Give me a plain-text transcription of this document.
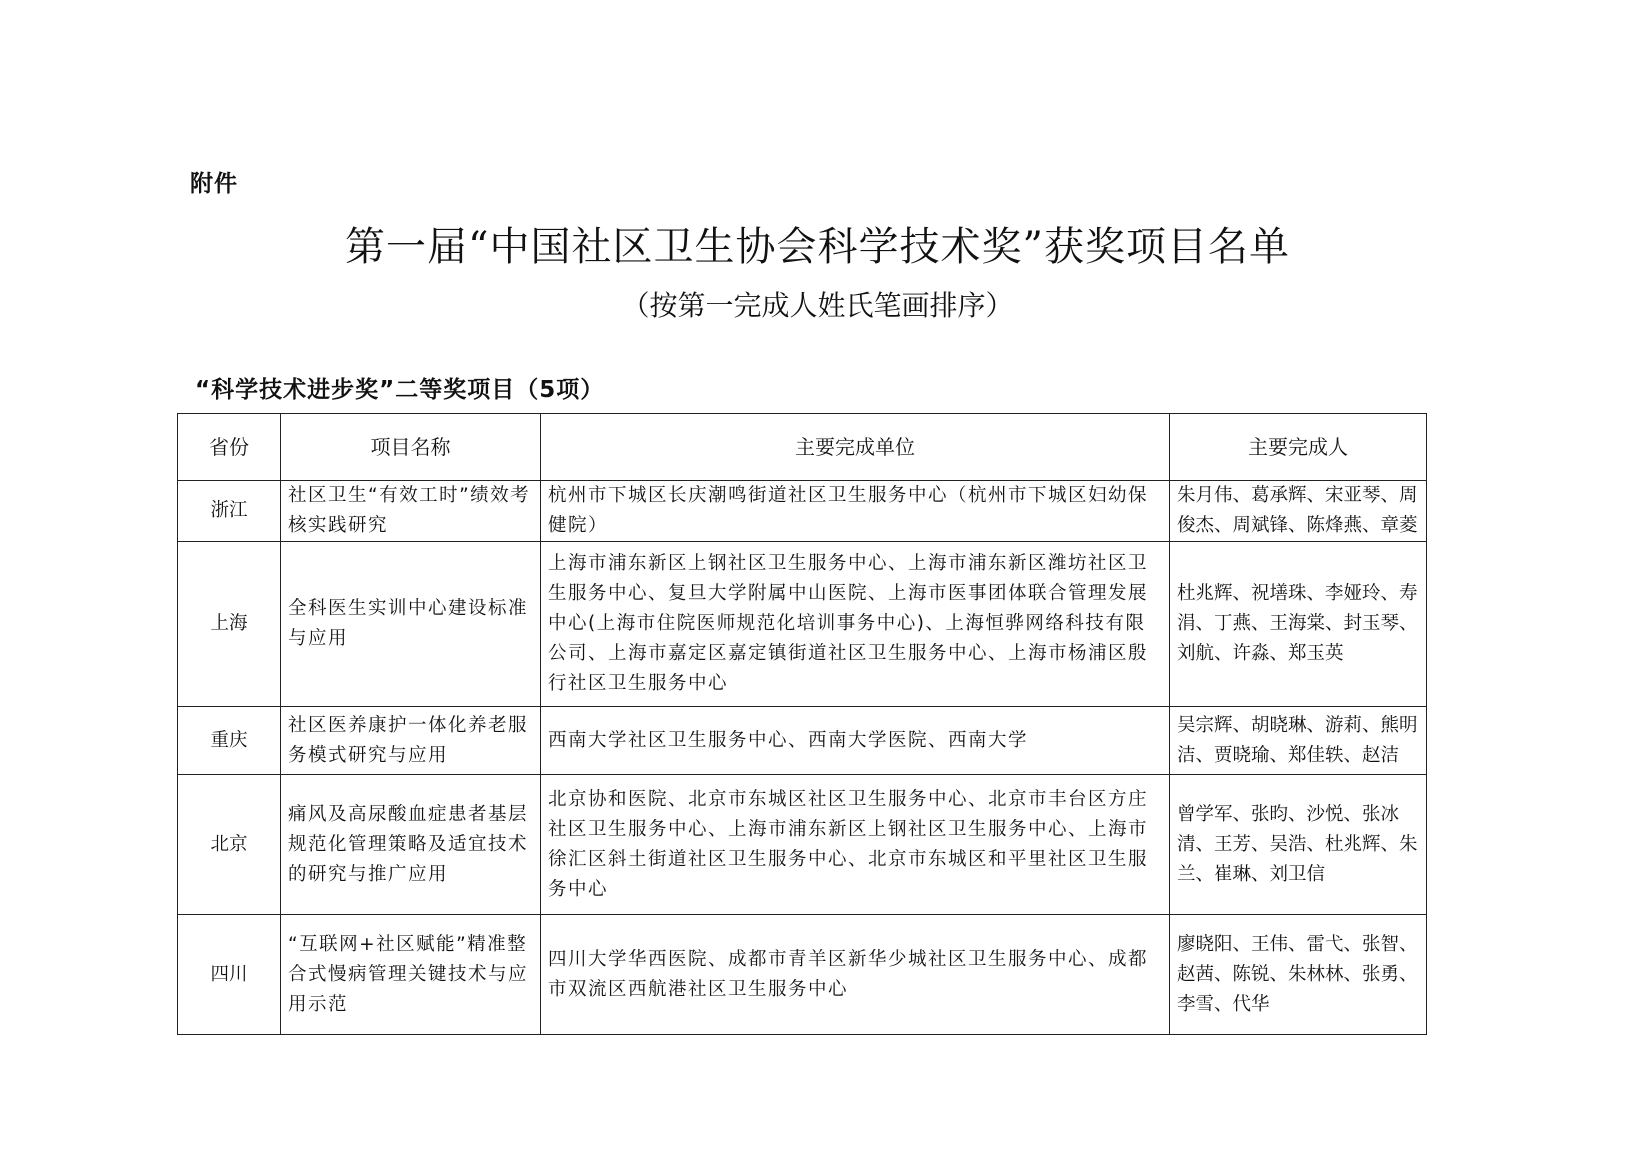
附件
第一届“中国社区卫生协会科学技术奖”获奖项目名单
（按第一完成人姓氏笔画排序）
“科学技术进步奖”二等奖项目（5项）
省份	项目名称	主要完成单位	主要完成人
浙江	社区卫生“有效工时”绩效考核实践研究	杭州市下城区长庆潮鸣街道社区卫生服务中心（杭州市下城区妇幼保健院）	朱月伟、葛承辉、宋亚琴、周俊杰、周斌锋、陈烽燕、章菱
上海	全科医生实训中心建设标准与应用	上海市浦东新区上钢社区卫生服务中心、上海市浦东新区潍坊社区卫生服务中心、复旦大学附属中山医院、上海市医事团体联合管理发展中心(上海市住院医师规范化培训事务中心)、上海恒骅网络科技有限公司、上海市嘉定区嘉定镇街道社区卫生服务中心、上海市杨浦区殷行社区卫生服务中心	杜兆辉、祝墡珠、李娅玲、寿涓、丁燕、王海棠、封玉琴、刘航、许淼、郑玉英
重庆	社区医养康护一体化养老服务模式研究与应用	西南大学社区卫生服务中心、西南大学医院、西南大学	吴宗辉、胡晓琳、游莉、熊明洁、贾晓瑜、郑佳轶、赵洁
北京	痛风及高尿酸血症患者基层规范化管理策略及适宜技术的研究与推广应用	北京协和医院、北京市东城区社区卫生服务中心、北京市丰台区方庄社区卫生服务中心、上海市浦东新区上钢社区卫生服务中心、上海市徐汇区斜土街道社区卫生服务中心、北京市东城区和平里社区卫生服务中心	曾学军、张昀、沙悦、张冰清、王芳、吴浩、杜兆辉、朱兰、崔琳、刘卫信
四川	“互联网+社区赋能”精准整合式慢病管理关键技术与应用示范	四川大学华西医院、成都市青羊区新华少城社区卫生服务中心、成都市双流区西航港社区卫生服务中心	廖晓阳、王伟、雷弋、张智、赵茜、陈锐、朱林林、张勇、李雪、代华
